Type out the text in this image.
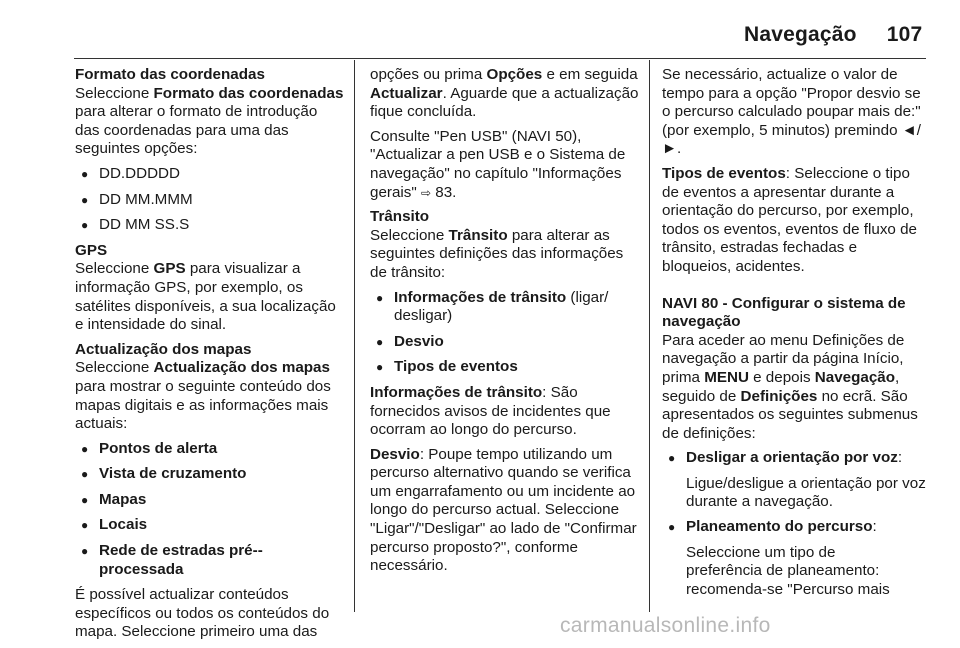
Navegação 107

Formato das coordenadas
Seleccione Formato das coordenadas para alterar o formato de introdução das coordenadas para uma das seguintes opções:

● DD.DDDDD
● DD MM.MMM
● DD MM SS.S

GPS
Seleccione GPS para visualizar a informação GPS, por exemplo, os satélites disponíveis, a sua localização e intensidade do sinal.

Actualização dos mapas
Seleccione Actualização dos mapas para mostrar o seguinte conteúdo dos mapas digitais e as informações mais actuais:

● Pontos de alerta
● Vista de cruzamento
● Mapas
● Locais
● Rede de estradas pré--processada

É possível actualizar conteúdos específicos ou todos os conteúdos do mapa. Seleccione primeiro uma das

opções ou prima Opções e em seguida Actualizar. Aguarde que a actualização fique concluída.

Consulte "Pen USB" (NAVI 50), "Actualizar a pen USB e o Sistema de navegação" no capítulo "Informações gerais" ⇨ 83.

Trânsito
Seleccione Trânsito para alterar as seguintes definições das informações de trânsito:

● Informações de trânsito (ligar/ desligar)
● Desvio
● Tipos de eventos

Informações de trânsito: São fornecidos avisos de incidentes que ocorram ao longo do percurso.

Desvio: Poupe tempo utilizando um percurso alternativo quando se verifica um engarrafamento ou um incidente ao longo do percurso actual. Seleccione "Ligar"/"Desligar" ao lado de "Confirmar percurso proposto?", conforme necessário.

Se necessário, actualize o valor de tempo para a opção "Propor desvio se o percurso calculado poupar mais de:" (por exemplo, 5 minutos) premindo ◄/►.

Tipos de eventos: Seleccione o tipo de eventos a apresentar durante a orientação do percurso, por exemplo, todos os eventos, eventos de fluxo de trânsito, estradas fechadas e bloqueios, acidentes.

NAVI 80 - Configurar o sistema de navegação
Para aceder ao menu Definições de navegação a partir da página Início, prima MENU e depois Navegação, seguido de Definições no ecrã. São apresentados os seguintes submenus de definições:

● Desligar a orientação por voz:

Ligue/desligue a orientação por voz durante a navegação.

● Planeamento do percurso:

Seleccione um tipo de preferência de planeamento: recomenda-se "Percurso mais

carmanualsonline.info
